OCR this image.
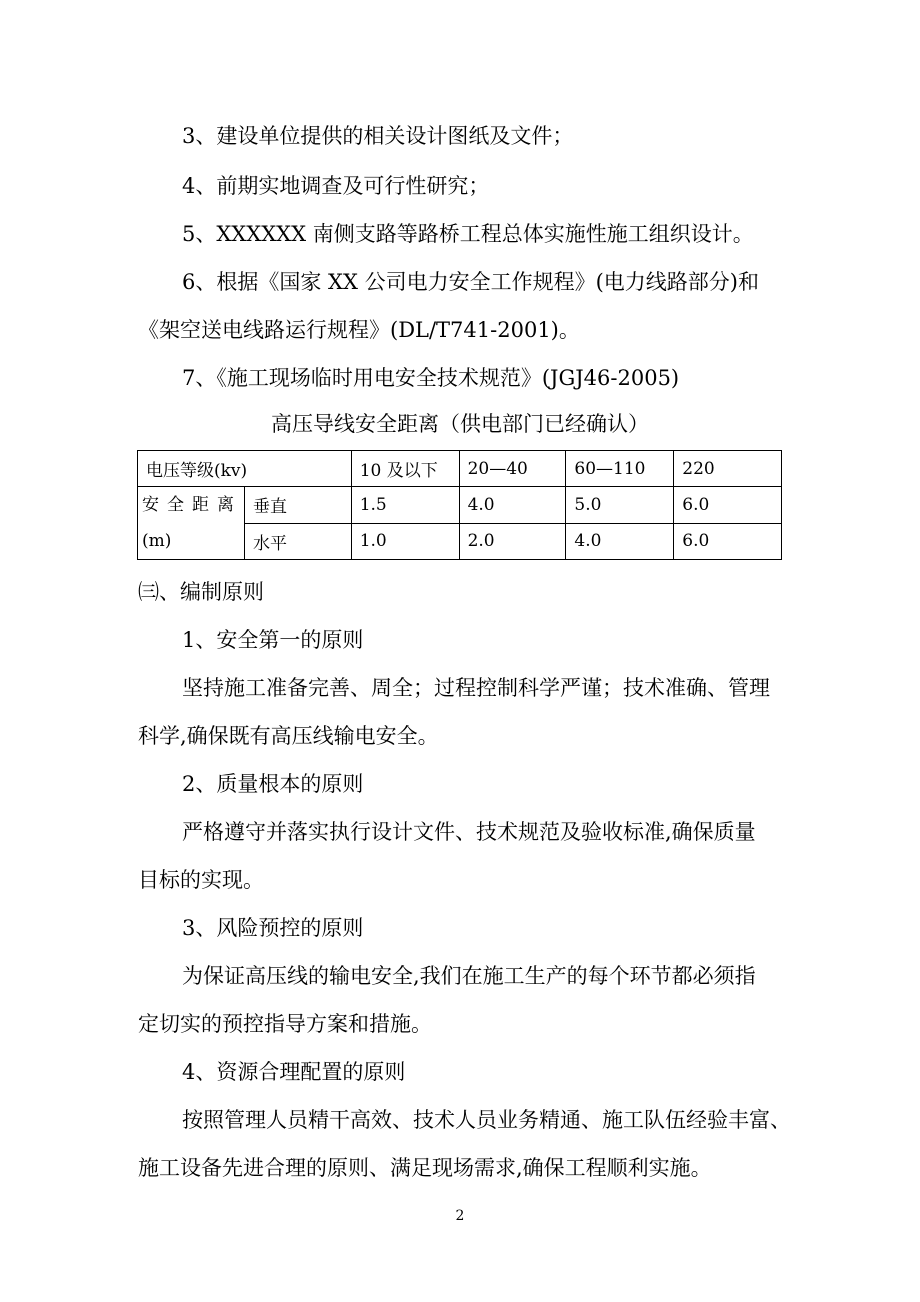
3、建设单位提供的相关设计图纸及文件；
4、前期实地调查及可行性研究；
5、XXXXXX 南侧支路等路桥工程总体实施性施工组织设计。
6、根据《国家 XX 公司电力安全工作规程》(电力线路部分)和
《架空送电线路运行规程》(DL/T741-2001)。
7、《施工现场临时用电安全技术规范》(JGJ46-2005)
高压导线安全距离（供电部门已经确认）
电压等级(kv)		10 及以下	20—40	60—110	220
安全距离
(m)	垂直	1.5	4.0	5.0	6.0
	水平	1.0	2.0	4.0	6.0
㈢、编制原则
1、安全第一的原则
坚持施工准备完善、周全；过程控制科学严谨；技术准确、管理
科学,确保既有高压线输电安全。
2、质量根本的原则
严格遵守并落实执行设计文件、技术规范及验收标准,确保质量
目标的实现。
3、风险预控的原则
为保证高压线的输电安全,我们在施工生产的每个环节都必须指
定切实的预控指导方案和措施。
4、资源合理配置的原则
按照管理人员精干高效、技术人员业务精通、施工队伍经验丰富、
施工设备先进合理的原则、满足现场需求,确保工程顺利实施。
2
